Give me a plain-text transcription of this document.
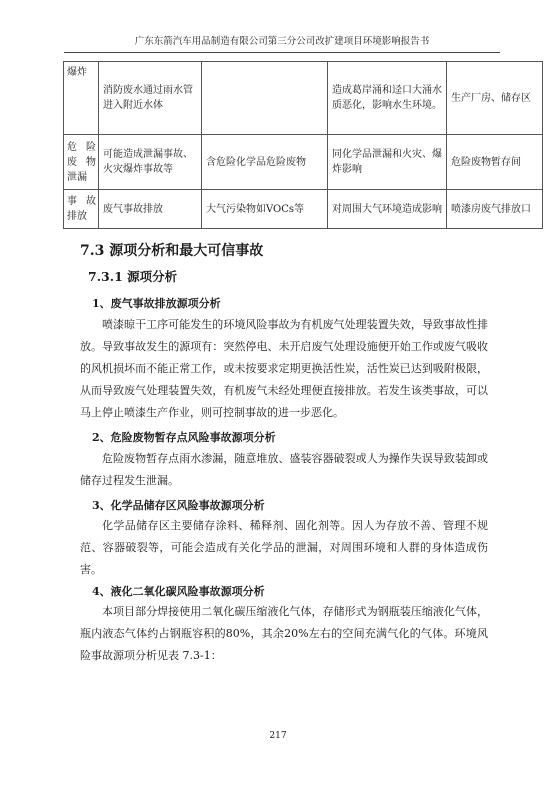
广东东箭汽车用品制造有限公司第三分公司改扩建项目环境影响报告书
爆炸	消防废水通过雨水管进入附近水体		造成葛岸涌和迳口大涌水质恶化，影响水生环境。	生产厂房、储存区
危险废物泄漏	可能造成泄漏事故、火灾爆炸事故等	含危险化学品危险废物	同化学品泄漏和火灾、爆炸影响	危险废物暂存间
事故排放	废气事故排放	大气污染物如VOCs等	对周围大气环境造成影响	喷漆房废气排放口
7.3 源项分析和最大可信事故
7.3.1 源项分析
1、废气事故排放源项分析
喷漆晾干工序可能发生的环境风险事故为有机废气处理装置失效，导致事故性排放。导致事故发生的源项有：突然停电、未开启废气处理设施便开始工作或废气吸收的风机损坏而不能正常工作，或未按要求定期更换活性炭，活性炭已达到吸附极限，从而导致废气处理装置失效，有机废气未经处理便直接排放。若发生该类事故，可以马上停止喷漆生产作业，则可控制事故的进一步恶化。
2、危险废物暂存点风险事故源项分析
危险废物暂存点雨水渗漏，随意堆放、盛装容器破裂或人为操作失误导致装卸或储存过程发生泄漏。
3、化学品储存区风险事故源项分析
化学品储存区主要储存涂料、稀释剂、固化剂等。因人为存放不善、管理不规范、容器破裂等，可能会造成有关化学品的泄漏，对周围环境和人群的身体造成伤害。
4、液化二氧化碳风险事故源项分析
本项目部分焊接使用二氧化碳压缩液化气体，存储形式为钢瓶装压缩液化气体，瓶内液态气体约占钢瓶容积的80%，其余20%左右的空间充满气化的气体。环境风险事故源项分析见表 7.3-1：
217
